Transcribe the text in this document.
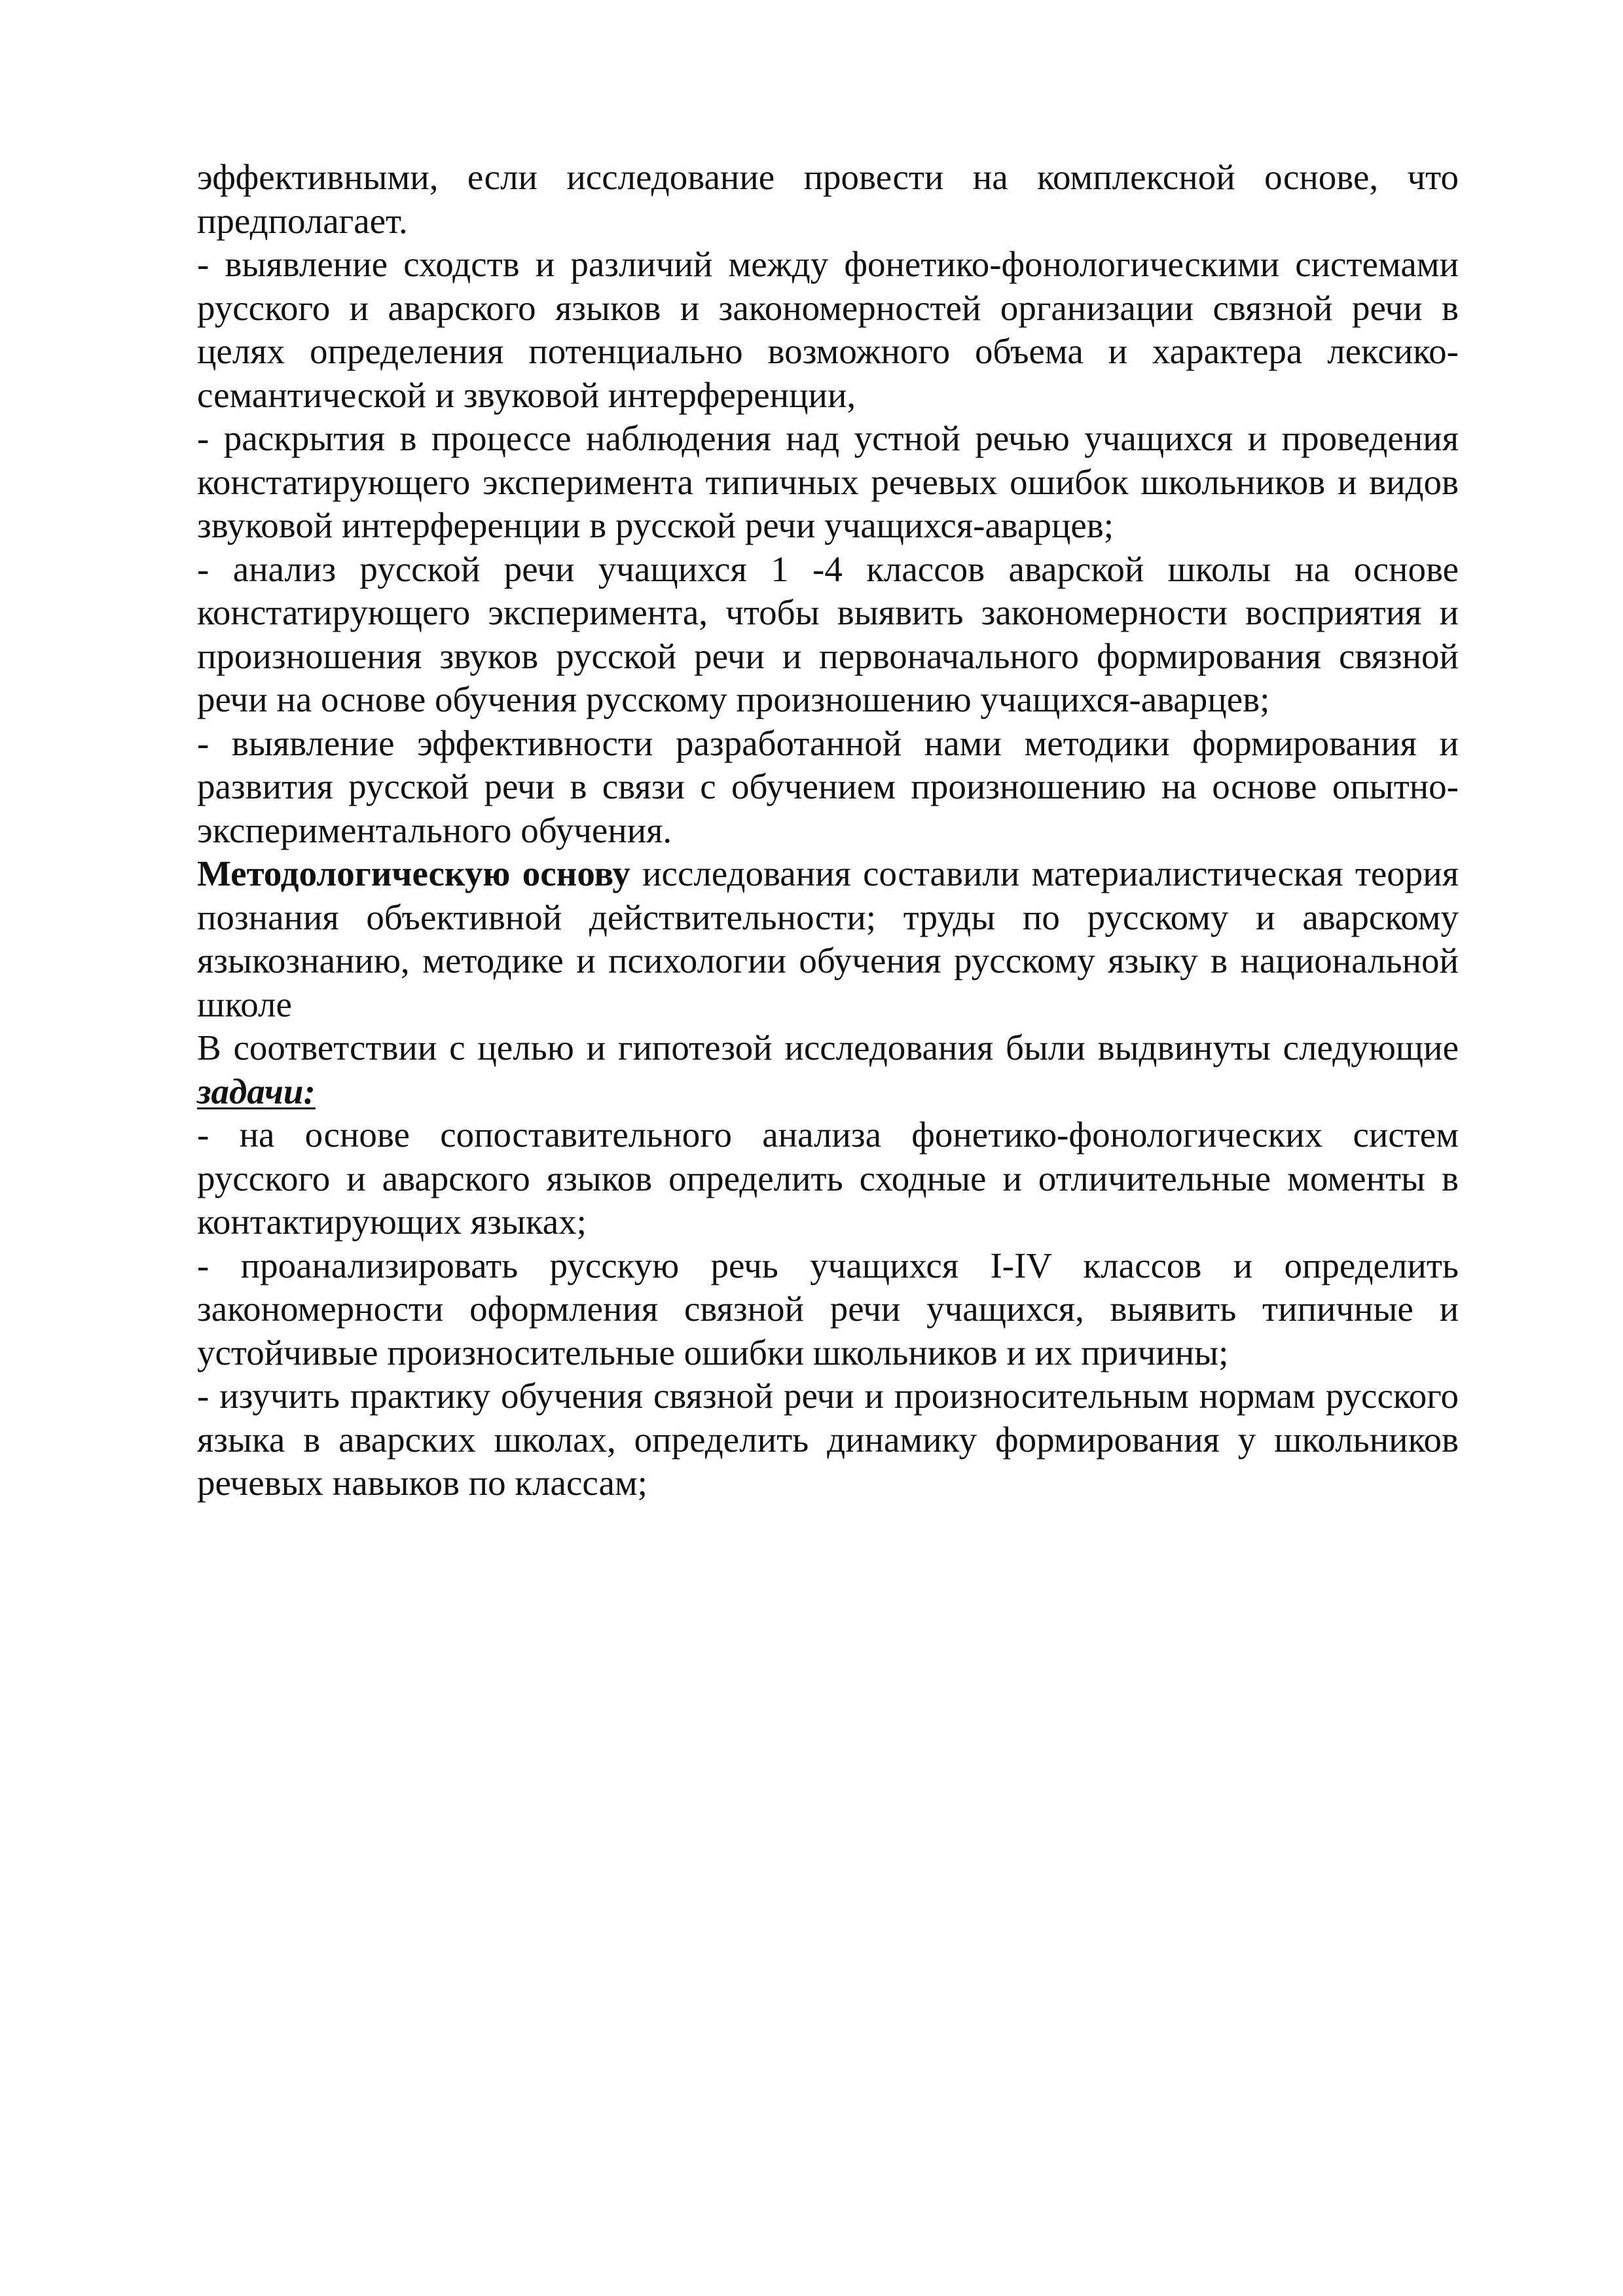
эффективными, если исследование провести на комплексной основе, что предполагает.

- выявление сходств и различий между фонетико-фонологическими системами русского и аварского языков и закономерностей организации связной речи в целях определения потенциально возможного объема и характера лексико-семантической и звуковой интерференции,

- раскрытия в процессе наблюдения над устной речью учащихся и проведения констатирующего эксперимента типичных речевых ошибок школьников и видов звуковой интерференции в русской речи учащихся-аварцев;

- анализ русской речи учащихся 1 -4 классов аварской школы на основе констатирующего эксперимента, чтобы выявить закономерности восприятия и произношения звуков русской речи и первоначального формирования связной речи на основе обучения русскому произношению учащихся-аварцев;

- выявление эффективности разработанной нами методики формирования и развития русской речи в связи с обучением произношению на основе опытно-экспериментального обучения.

Методологическую основу исследования составили материалистическая теория познания объективной действительности; труды по русскому и аварскому языкознанию, методике и психологии обучения русскому языку в национальной школе

В соответствии с целью и гипотезой исследования были выдвинуты следующие задачи:

- на основе сопоставительного анализа фонетико-фонологических систем русского и аварского языков определить сходные и отличительные моменты в контактирующих языках;

- проанализировать русскую речь учащихся I-IV классов и определить закономерности оформления связной речи учащихся, выявить типичные и устойчивые произносительные ошибки школьников и их причины;

- изучить практику обучения связной речи и произносительным нормам русского языка в аварских школах, определить динамику формирования у школьников речевых навыков по классам;
